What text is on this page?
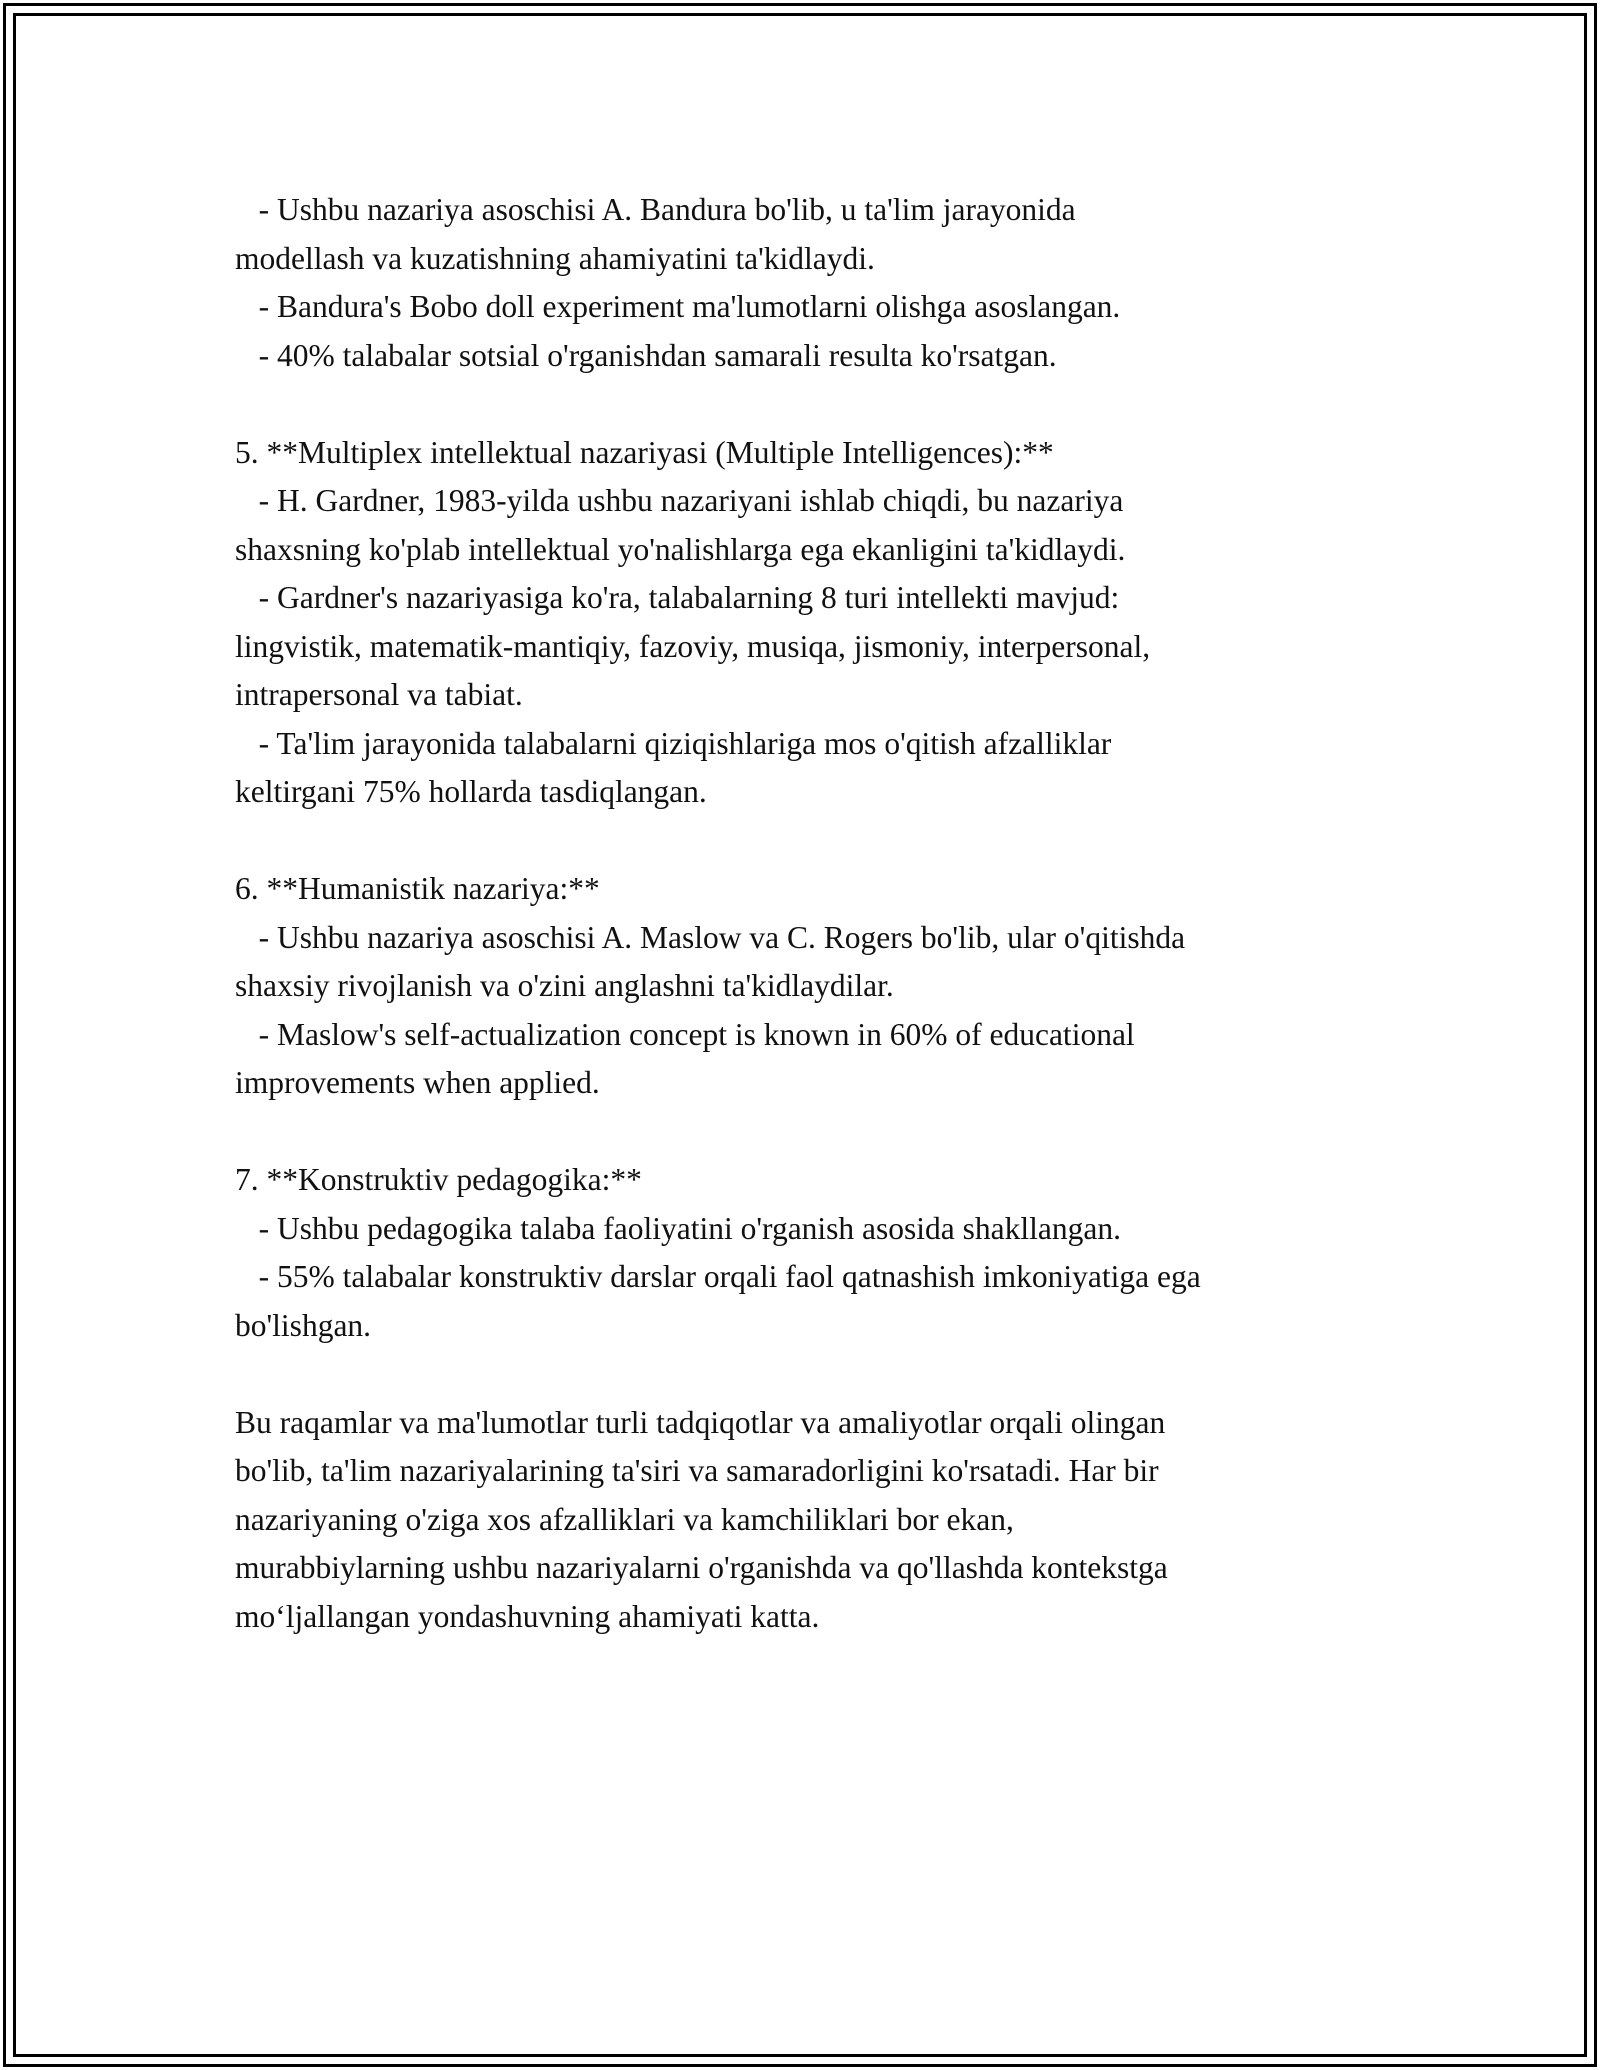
- Ushbu nazariya asoschisi A. Bandura bo'lib, u ta'lim jarayonida
modellash va kuzatishning ahamiyatini ta'kidlaydi.
- Bandura's Bobo doll experiment ma'lumotlarni olishga asoslangan.
- 40% talabalar sotsial o'rganishdan samarali resulta ko'rsatgan.
5. **Multiplex intellektual nazariyasi (Multiple Intelligences):**
- H. Gardner, 1983-yilda ushbu nazariyani ishlab chiqdi, bu nazariya
shaxsning ko'plab intellektual yo'nalishlarga ega ekanligini ta'kidlaydi.
- Gardner's nazariyasiga ko'ra, talabalarning 8 turi intellekti mavjud:
lingvistik, matematik-mantiqiy, fazoviy, musiqa, jismoniy, interpersonal,
intrapersonal va tabiat.
- Ta'lim jarayonida talabalarni qiziqishlariga mos o'qitish afzalliklar
keltirgani 75% hollarda tasdiqlangan.
6. **Humanistik nazariya:**
- Ushbu nazariya asoschisi A. Maslow va C. Rogers bo'lib, ular o'qitishda
shaxsiy rivojlanish va o'zini anglashni ta'kidlaydilar.
- Maslow's self-actualization concept is known in 60% of educational
improvements when applied.
7. **Konstruktiv pedagogika:**
- Ushbu pedagogika talaba faoliyatini o'rganish asosida shakllangan.
- 55% talabalar konstruktiv darslar orqali faol qatnashish imkoniyatiga ega
bo'lishgan.
Bu raqamlar va ma'lumotlar turli tadqiqotlar va amaliyotlar orqali olingan
bo'lib, ta'lim nazariyalarining ta'siri va samaradorligini ko'rsatadi. Har bir
nazariyaning o'ziga xos afzalliklari va kamchiliklari bor ekan,
murabbiylarning ushbu nazariyalarni o'rganishda va qo'llashda kontekstga
mo‘ljallangan yondashuvning ahamiyati katta.
